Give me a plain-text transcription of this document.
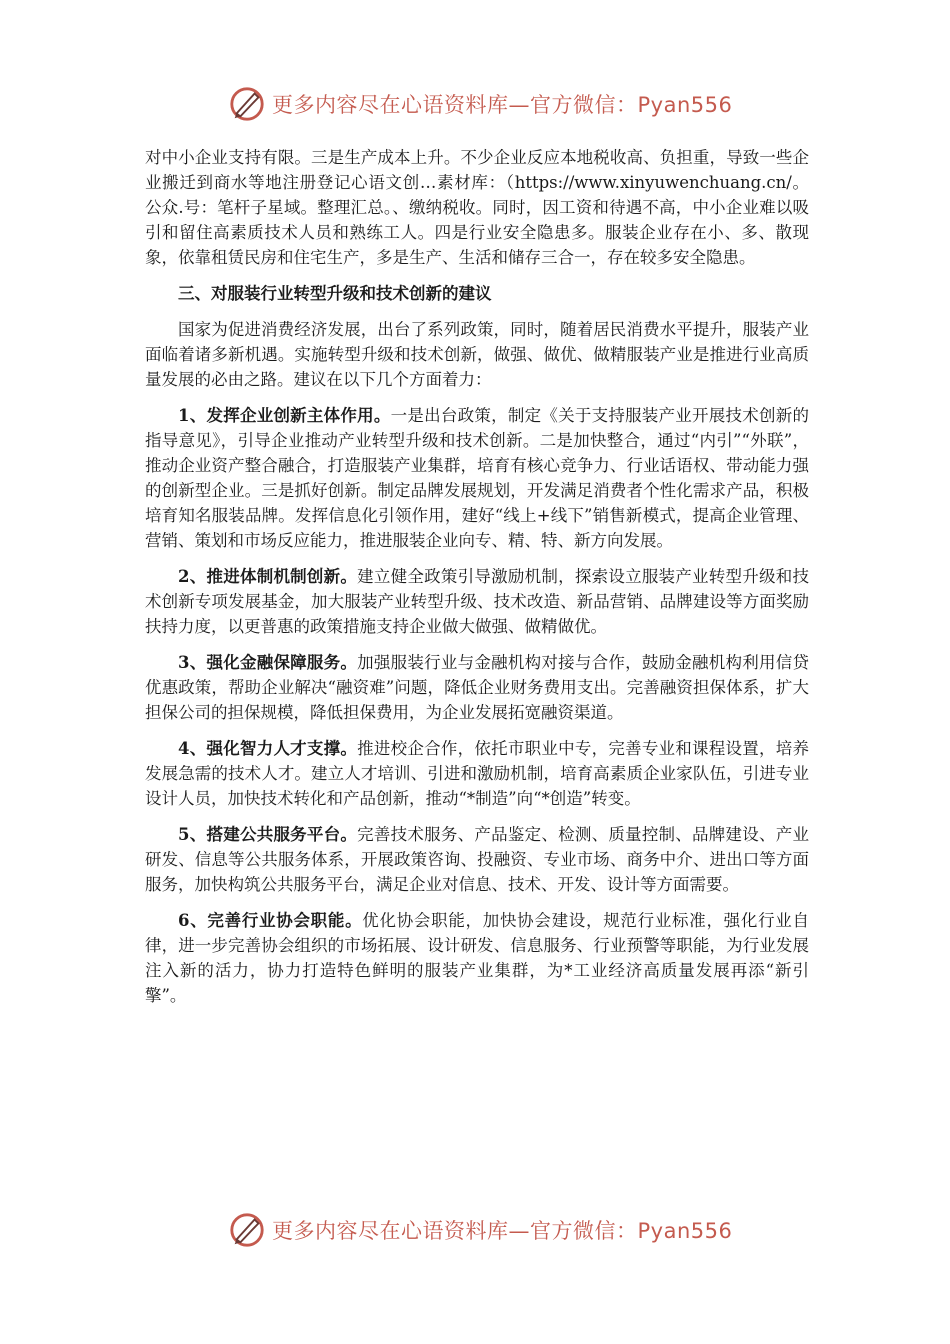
更多内容尽在心语资料库—官方微信：Pyan556

对中小企业支持有限。三是生产成本上升。不少企业反应本地税收高、负担重，导致一些企业搬迁到商水等地注册登记心语文创…素材库：（https://www.xinyuwenchuang.cn/。公众.号：笔杆子星域。整理汇总。、缴纳税收。同时，因工资和待遇不高，中小企业难以吸引和留住高素质技术人员和熟练工人。四是行业安全隐患多。服装企业存在小、多、散现象，依靠租赁民房和住宅生产，多是生产、生活和储存三合一，存在较多安全隐患。

三、对服装行业转型升级和技术创新的建议

国家为促进消费经济发展，出台了系列政策，同时，随着居民消费水平提升，服装产业面临着诸多新机遇。实施转型升级和技术创新，做强、做优、做精服装产业是推进行业高质量发展的必由之路。建议在以下几个方面着力：

1、发挥企业创新主体作用。一是出台政策，制定《关于支持服装产业开展技术创新的指导意见》，引导企业推动产业转型升级和技术创新。二是加快整合，通过“内引”“外联”，推动企业资产整合融合，打造服装产业集群，培育有核心竞争力、行业话语权、带动能力强的创新型企业。三是抓好创新。制定品牌发展规划，开发满足消费者个性化需求产品，积极培育知名服装品牌。发挥信息化引领作用，建好“线上+线下”销售新模式，提高企业管理、营销、策划和市场反应能力，推进服装企业向专、精、特、新方向发展。

2、推进体制机制创新。建立健全政策引导激励机制，探索设立服装产业转型升级和技术创新专项发展基金，加大服装产业转型升级、技术改造、新品营销、品牌建设等方面奖励扶持力度，以更普惠的政策措施支持企业做大做强、做精做优。

3、强化金融保障服务。加强服装行业与金融机构对接与合作，鼓励金融机构利用信贷优惠政策，帮助企业解决“融资难”问题，降低企业财务费用支出。完善融资担保体系，扩大担保公司的担保规模，降低担保费用，为企业发展拓宽融资渠道。

4、强化智力人才支撑。推进校企合作，依托市职业中专，完善专业和课程设置，培养发展急需的技术人才。建立人才培训、引进和激励机制，培育高素质企业家队伍，引进专业设计人员，加快技术转化和产品创新，推动“*制造”向“*创造”转变。

5、搭建公共服务平台。完善技术服务、产品鉴定、检测、质量控制、品牌建设、产业研发、信息等公共服务体系，开展政策咨询、投融资、专业市场、商务中介、进出口等方面服务，加快构筑公共服务平台，满足企业对信息、技术、开发、设计等方面需要。

6、完善行业协会职能。优化协会职能，加快协会建设，规范行业标准，强化行业自律，进一步完善协会组织的市场拓展、设计研发、信息服务、行业预警等职能，为行业发展注入新的活力，协力打造特色鲜明的服装产业集群，为*工业经济高质量发展再添“新引擎”。

更多内容尽在心语资料库—官方微信：Pyan556
